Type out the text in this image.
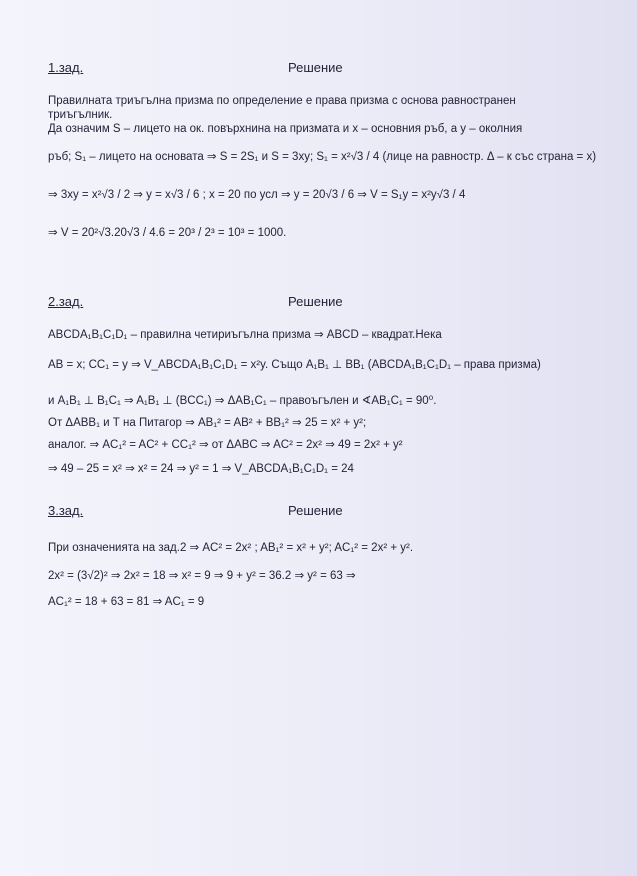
1.зад.	Решение
Правилната триъгълна призма по определение е права призма с основа равностранен
триъгълник.
Да означим S – лицето на ок. повърхнина на призмата и x – основния ръб, а y – околния
ръб; S₁ – лицето на основата ⇒ S = 2S₁ и S = 3xy; S₁ = x²√3 / 4 (лице на равностр. Δ – к със страна = x)
⇒ 3xy = x²√3 / 2 ⇒ y = x√3 / 6 ; x = 20 по усл ⇒ y = 20√3 / 6 ⇒ V = S₁y = x²y√3 / 4
⇒ V = 20²√3.20√3 / 4.6 = 20³ / 2³ = 10³ = 1000.
2.зад.	Решение
ABCDA₁B₁C₁D₁ – правилна четириъгълна призма ⇒ ABCD – квадрат.Нека
AB = x; CC₁ = y ⇒ V_ABCDA₁B₁C₁D₁ = x²y. Също A₁B₁ ⊥ BB₁ (ABCDA₁B₁C₁D₁ – права призма)
и A₁B₁ ⊥ B₁C₁ ⇒ A₁B₁ ⊥ (BCC₁) ⇒ ΔAB₁C₁ – правоъгълен и ∢AB₁C₁ = 90⁰.
От ΔABB₁ и Т на Питагор ⇒ AB₁² = AB² + BB₁² ⇒ 25 = x² + y²;
аналог. ⇒ AC₁² = AC² + CC₁² ⇒ от ΔABC ⇒ AC² = 2x² ⇒ 49 = 2x² + y²
⇒ 49 – 25 = x² ⇒ x² = 24 ⇒ y² = 1 ⇒ V_ABCDA₁B₁C₁D₁ = 24
3.зад.	Решение
При означенията на зад.2 ⇒ AC² = 2x² ; AB₁² = x² + y²; AC₁² = 2x² + y².
2x² = (3√2)² ⇒ 2x² = 18 ⇒ x² = 9 ⇒ 9 + y² = 36.2 ⇒ y² = 63 ⇒
AC₁² = 18 + 63 = 81 ⇒ AC₁ = 9
